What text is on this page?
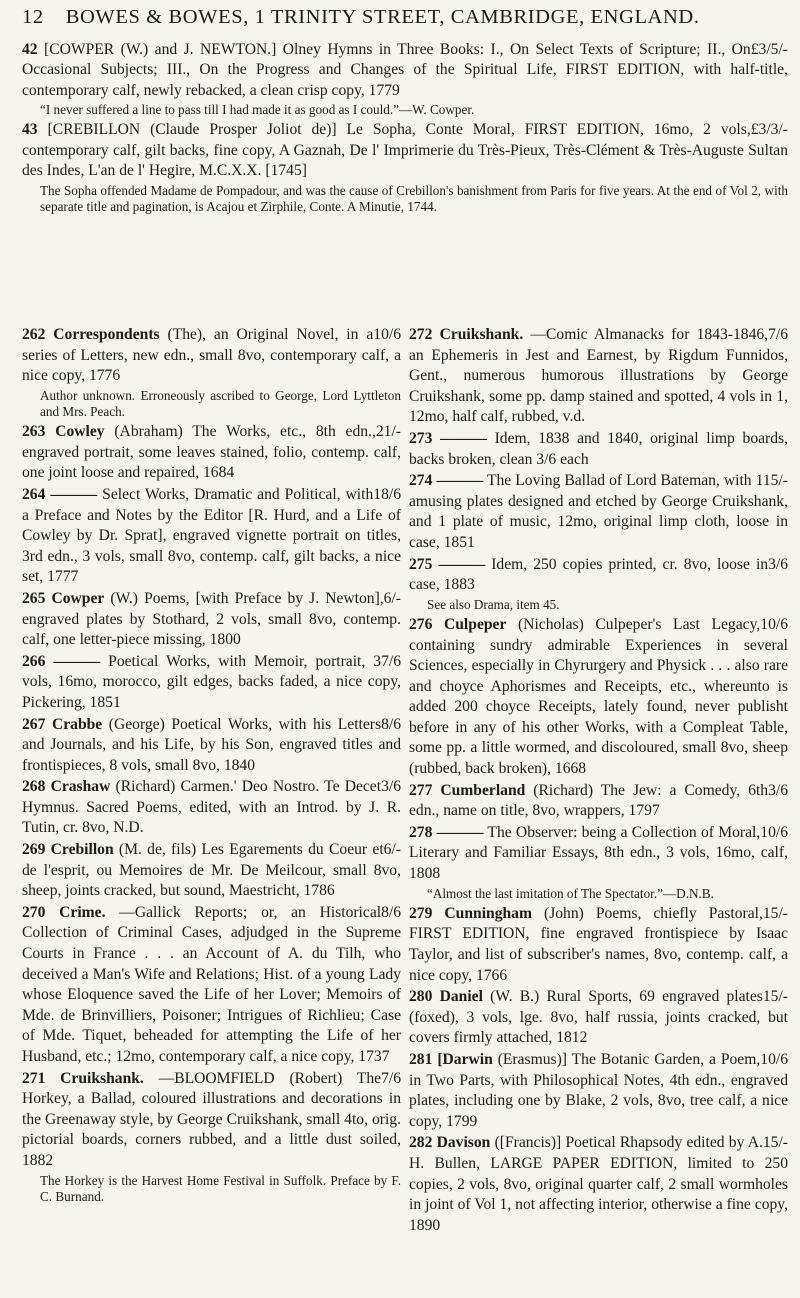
12 BOWES & BOWES, 1 TRINITY STREET, CAMBRIDGE, ENGLAND.
£3/5/-
42 [COWPER (W.) and J. NEWTON.] Olney Hymns in Three Books: I., On Select Texts of Scripture; II., On Occasional Subjects; III., On the Progress and Changes of the Spiritual Life, FIRST EDITION, with half-title, contemporary calf, newly rebacked, a clean crisp copy, 1779
“I never suffered a line to pass till I had made it as good as I could.”—W. Cowper.
£3/3/-
43 [CREBILLON (Claude Prosper Joliot de)] Le Sopha, Conte Moral, FIRST EDITION, 16mo, 2 vols, contemporary calf, gilt backs, fine copy, A Gaznah, De l' Imprimerie du Très-Pieux, Très-Clément & Très-Auguste Sultan des Indes, L'an de l' Hegire, M.C.X.X. [1745]
The Sopha offended Madame de Pompadour, and was the cause of Crebillon's banishment from Paris for five years. At the end of Vol 2, with separate title and pagination, is Acajou et Zirphile, Conte. A Minutie, 1744.
10/6
262 Correspondents (The), an Original Novel, in a series of Letters, new edn., small 8vo, contemporary calf, a nice copy, 1776
Author unknown. Erroneously ascribed to George, Lord Lyttleton and Mrs. Peach.
21/-
263 Cowley (Abraham) The Works, etc., 8th edn., engraved portrait, some leaves stained, folio, contemp. calf, one joint loose and repaired, 1684
18/6
264 ——— Select Works, Dramatic and Political, with a Preface and Notes by the Editor [R. Hurd, and a Life of Cowley by Dr. Sprat], engraved vignette portrait on titles, 3rd edn., 3 vols, small 8vo, contemp. calf, gilt backs, a nice set, 1777
6/-
265 Cowper (W.) Poems, [with Preface by J. Newton], engraved plates by Stothard, 2 vols, small 8vo, contemp. calf, one letter-piece missing, 1800
7/6
266 ——— Poetical Works, with Memoir, portrait, 3 vols, 16mo, morocco, gilt edges, backs faded, a nice copy, Pickering, 1851
8/6
267 Crabbe (George) Poetical Works, with his Letters and Journals, and his Life, by his Son, engraved titles and frontispieces, 8 vols, small 8vo, 1840
3/6
268 Crashaw (Richard) Carmen.' Deo Nostro. Te Decet Hymnus. Sacred Poems, edited, with an Introd. by J. R. Tutin, cr. 8vo, N.D.
6/-
269 Crebillon (M. de, fils) Les Egarements du Coeur et de l'esprit, ou Memoires de Mr. De Meilcour, small 8vo, sheep, joints cracked, but sound, Maestricht, 1786
8/6
270 Crime. —Gallick Reports; or, an Historical Collection of Criminal Cases, adjudged in the Supreme Courts in France . . . an Account of A. du Tilh, who deceived a Man's Wife and Relations; Hist. of a young Lady whose Eloquence saved the Life of her Lover; Memoirs of Mde. de Brinvilliers, Poisoner; Intrigues of Richlieu; Case of Mde. Tiquet, beheaded for attempting the Life of her Husband, etc.; 12mo, contemporary calf, a nice copy, 1737
7/6
271 Cruikshank. —BLOOMFIELD (Robert) The Horkey, a Ballad, coloured illustrations and decorations in the Greenaway style, by George Cruikshank, small 4to, orig. pictorial boards, corners rubbed, and a little dust soiled, 1882
The Horkey is the Harvest Home Festival in Suffolk. Preface by F. C. Burnand.
7/6
272 Cruikshank. —Comic Almanacks for 1843-1846, an Ephemeris in Jest and Earnest, by Rigdum Funnidos, Gent., numerous humorous illustrations by George Cruikshank, some pp. damp stained and spotted, 4 vols in 1, 12mo, half calf, rubbed, v.d.
273 ——— Idem, 1838 and 1840, original limp boards, backs broken, clean 3/6 each
5/-
274 ——— The Loving Ballad of Lord Bateman, with 11 amusing plates designed and etched by George Cruikshank, and 1 plate of music, 12mo, original limp cloth, loose in case, 1851
3/6
275 ——— Idem, 250 copies printed, cr. 8vo, loose in case, 1883
See also Drama, item 45.
10/6
276 Culpeper (Nicholas) Culpeper's Last Legacy, containing sundry admirable Experiences in several Sciences, especially in Chyrurgery and Physick . . . also rare and choyce Aphorismes and Receipts, etc., whereunto is added 200 choyce Receipts, lately found, never publisht before in any of his other Works, with a Compleat Table, some pp. a little wormed, and discoloured, small 8vo, sheep (rubbed, back broken), 1668
3/6
277 Cumberland (Richard) The Jew: a Comedy, 6th edn., name on title, 8vo, wrappers, 1797
10/6
278 ——— The Observer: being a Collection of Moral, Literary and Familiar Essays, 8th edn., 3 vols, 16mo, calf, 1808
“Almost the last imitation of The Spectator.”—D.N.B.
15/-
279 Cunningham (John) Poems, chiefly Pastoral, FIRST EDITION, fine engraved frontispiece by Isaac Taylor, and list of subscriber's names, 8vo, contemp. calf, a nice copy, 1766
15/-
280 Daniel (W. B.) Rural Sports, 69 engraved plates (foxed), 3 vols, lge. 8vo, half russia, joints cracked, but covers firmly attached, 1812
10/6
281 [Darwin (Erasmus)] The Botanic Garden, a Poem, in Two Parts, with Philosophical Notes, 4th edn., engraved plates, including one by Blake, 2 vols, 8vo, tree calf, a nice copy, 1799
15/-
282 Davison ([Francis)] Poetical Rhapsody edited by A. H. Bullen, LARGE PAPER EDITION, limited to 250 copies, 2 vols, 8vo, original quarter calf, 2 small wormholes in joint of Vol 1, not affecting interior, otherwise a fine copy, 1890
